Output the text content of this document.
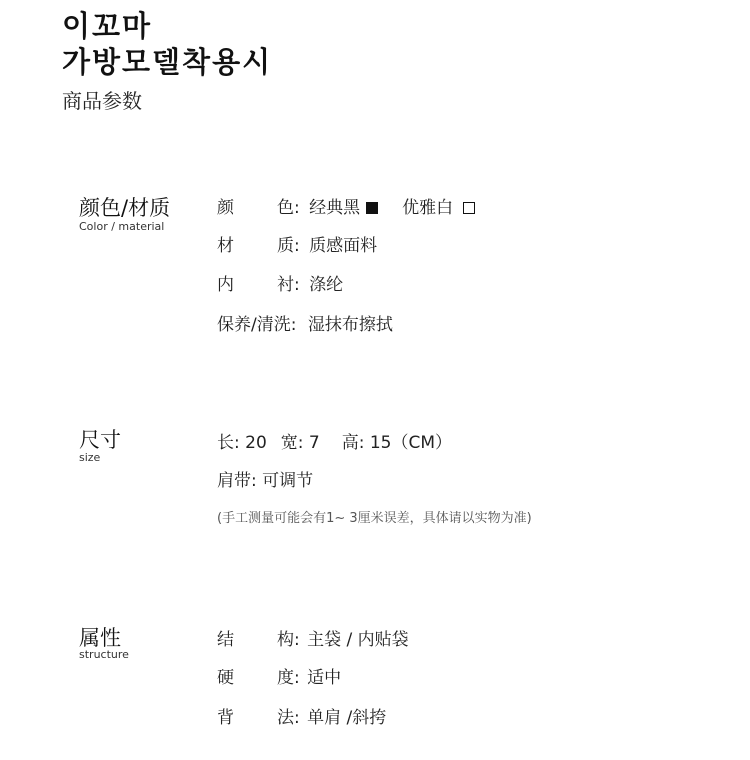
이꼬마
가방모델착용시
商品参数
颜色/材质
Color / material
颜	色: 经典黑 优雅白
材	质: 质感面料
内	衬: 涤纶
保养/清洗: 湿抹布擦拭
尺寸
size
长: 20 宽: 7 高: 15（CM）
肩带: 可调节
(手工测量可能会有1~ 3厘米误差，具体请以实物为准)
属性
structure
结	构: 主袋 / 内贴袋
硬	度: 适中
背	法: 单肩 /斜挎
